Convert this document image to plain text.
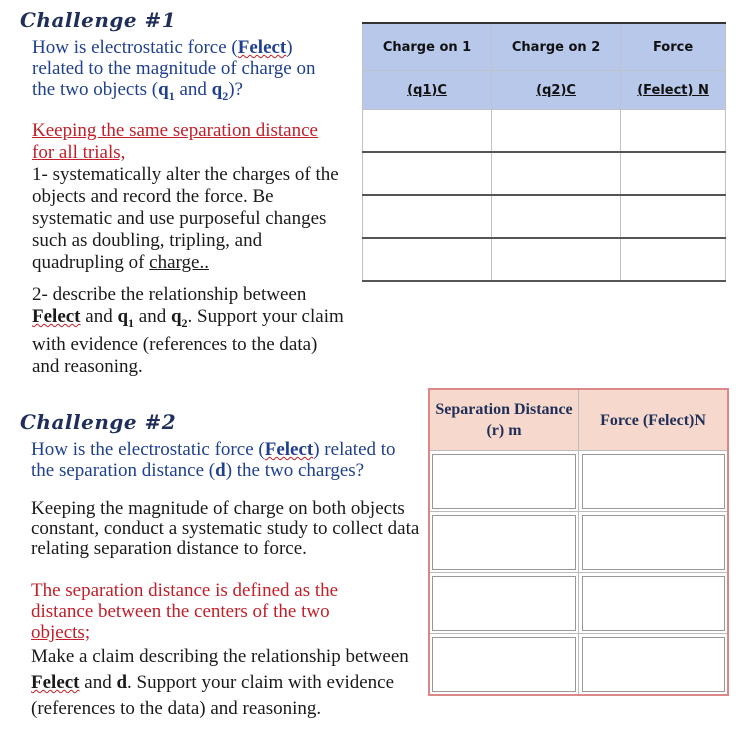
Challenge #1
How is electrostatic force (Felect) related to the magnitude of charge on the two objects ($q_1$ and $q_2$)?
Keeping the same separation distance
for all trials,
1- systematically alter the charges of the objects and record the force. Be systematic and use purposeful changes such as doubling, tripling, and quadrupling of charge..
2- describe the relationship between Felect and $q_1$ and $q_2$. Support your claim with evidence (references to the data) and reasoning.
Charge on 1	Charge on 2	Force
(q1)C	(q2)C	(Felect) N

Challenge #2
How is the electrostatic force (Felect) related to the separation distance (d) the two charges?
Keeping the magnitude of charge on both objects constant, conduct a systematic study to collect data relating separation distance to force.
The separation distance is defined as the distance between the centers of the two objects;
Make a claim describing the relationship between Felect and d. Support your claim with evidence (references to the data) and reasoning.
Separation Distance (r) m	Force (Felect)N
